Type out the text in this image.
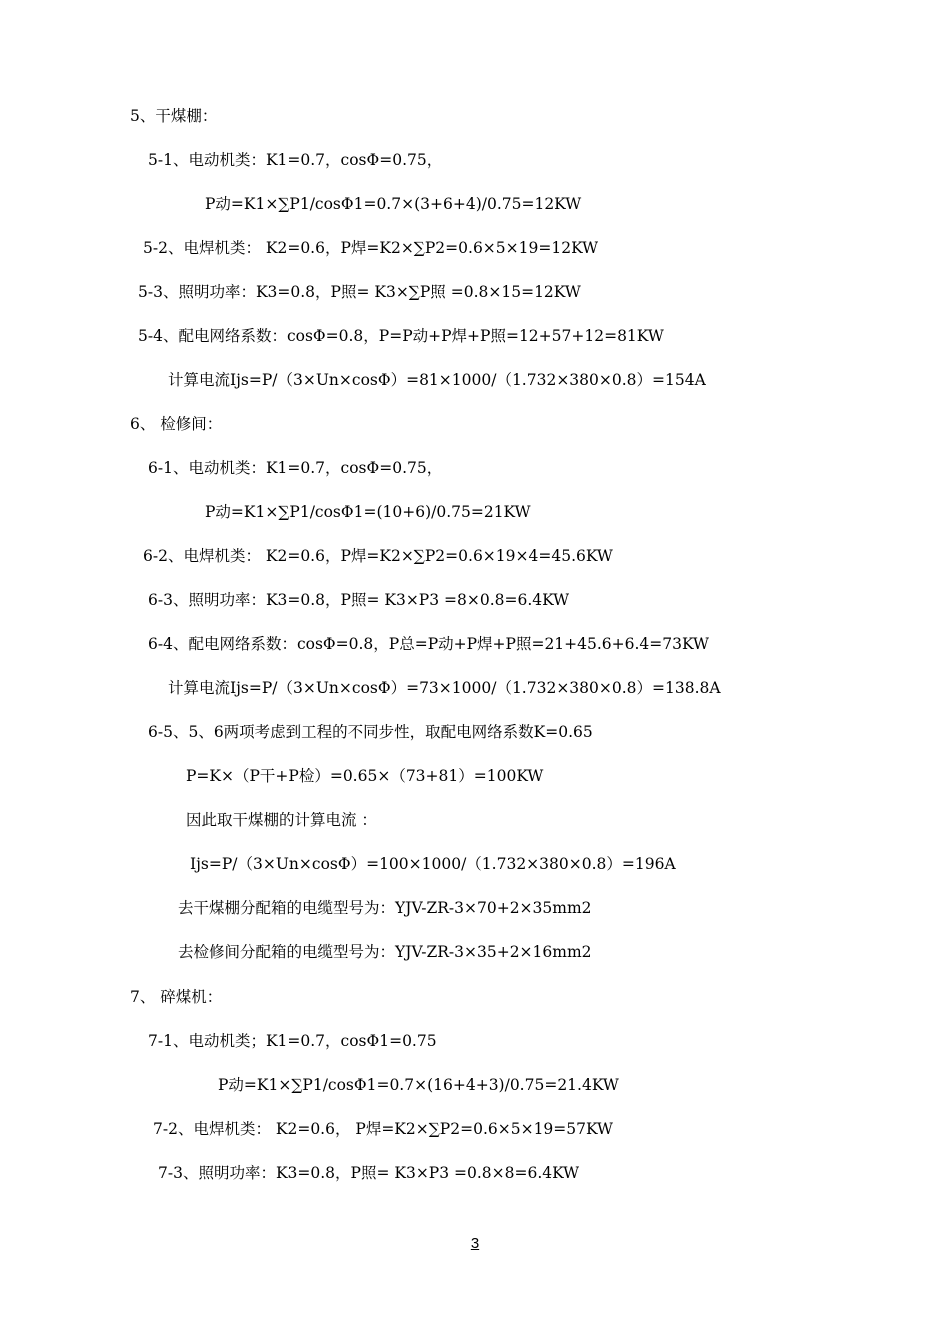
5、干煤棚：
5-1、电动机类：K1=0.7，cosΦ=0.75，
P动=K1×∑P1/cosΦ1=0.7×(3+6+4)/0.75=12KW
5-2、电焊机类： K2=0.6，P焊=K2×∑P2=0.6×5×19=12KW
5-3、照明功率：K3=0.8，P照= K3×∑P照 =0.8×15=12KW
5-4、配电网络系数：cosΦ=0.8，P=P动+P焊+P照=12+57+12=81KW
计算电流Ijs=P/（3×Un×cosΦ）=81×1000/（1.732×380×0.8）=154A
6、 检修间：
6-1、电动机类：K1=0.7，cosΦ=0.75，
P动=K1×∑P1/cosΦ1=(10+6)/0.75=21KW
6-2、电焊机类： K2=0.6，P焊=K2×∑P2=0.6×19×4=45.6KW
6-3、照明功率：K3=0.8，P照= K3×P3 =8×0.8=6.4KW
6-4、配电网络系数：cosΦ=0.8，P总=P动+P焊+P照=21+45.6+6.4=73KW
计算电流Ijs=P/（3×Un×cosΦ）=73×1000/（1.732×380×0.8）=138.8A
6-5、5、6两项考虑到工程的不同步性，取配电网络系数K=0.65
P=K×（P干+P检）=0.65×（73+81）=100KW
因此取干煤棚的计算电流 ：
Ijs=P/（3×Un×cosΦ）=100×1000/（1.732×380×0.8）=196A
去干煤棚分配箱的电缆型号为：YJV-ZR-3×70+2×35mm2
去检修间分配箱的电缆型号为：YJV-ZR-3×35+2×16mm2
7、 碎煤机：
7-1、电动机类；K1=0.7，cosΦ1=0.75
P动=K1×∑P1/cosΦ1=0.7×(16+4+3)/0.75=21.4KW
7-2、电焊机类： K2=0.6， P焊=K2×∑P2=0.6×5×19=57KW
7-3、照明功率：K3=0.8，P照= K3×P3 =0.8×8=6.4KW
3
